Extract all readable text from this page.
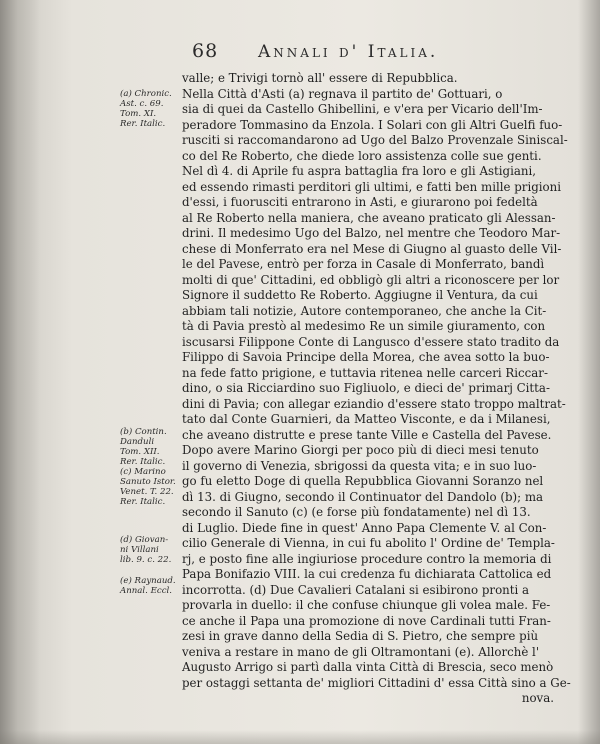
68 Annali d' Italia.
(a) Chronic.
Ast. c. 69.
Tom. XI.
Rer. Italic.
(b) Contin.
Danduli
Tom. XII.
Rer. Italic.
(c) Marino
Sanuto Istor.
Venet. T. 22.
Rer. Italic.
(d) Giovan-
ni Villani
lib. 9. c. 22.
(e) Raynaud.
Annal. Eccl.
valle; e Trivigi tornò all' essere di Repubblica.
Nella Città d'Asti (a) regnava il partito de' Gottuari, o
sia di quei da Castello Ghibellini, e v'era per Vicario dell'Im-
peradore Tommasino da Enzola. I Solari con gli Altri Guelfi fuo-
rusciti si raccomandarono ad Ugo del Balzo Provenzale Siniscal-
co del Re Roberto, che diede loro assistenza colle sue genti.
Nel dì 4. di Aprile fu aspra battaglia fra loro e gli Astigiani,
ed essendo rimasti perditori gli ultimi, e fatti ben mille prigioni
d'essi, i fuorusciti entrarono in Asti, e giurarono poi fedeltà
al Re Roberto nella maniera, che aveano praticato gli Alessan-
drini. Il medesimo Ugo del Balzo, nel mentre che Teodoro Mar-
chese di Monferrato era nel Mese di Giugno al guasto delle Vil-
le del Pavese, entrò per forza in Casale di Monferrato, bandì
molti di que' Cittadini, ed obbligò gli altri a riconoscere per lor
Signore il suddetto Re Roberto. Aggiugne il Ventura, da cui
abbiam tali notizie, Autore contemporaneo, che anche la Cit-
tà di Pavia prestò al medesimo Re un simile giuramento, con
iscusarsi Filippone Conte di Langusco d'essere stato tradito da
Filippo di Savoia Principe della Morea, che avea sotto la buo-
na fede fatto prigione, e tuttavia ritenea nelle carceri Riccar-
dino, o sia Ricciardino suo Figliuolo, e dieci de' primarj Citta-
dini di Pavia; con allegar eziandio d'essere stato troppo maltrat-
tato dal Conte Guarnieri, da Matteo Visconte, e da i Milanesi,
che aveano distrutte e prese tante Ville e Castella del Pavese.
Dopo avere Marino Giorgi per poco più di dieci mesi tenuto
il governo di Venezia, sbrigossi da questa vita; e in suo luo-
go fu eletto Doge di quella Repubblica Giovanni Soranzo nel
dì 13. di Giugno, secondo il Continuator del Dandolo (b); ma
secondo il Sanuto (c) (e forse più fondatamente) nel dì 13.
di Luglio. Diede fine in quest' Anno Papa Clemente V. al Con-
cilio Generale di Vienna, in cui fu abolito l' Ordine de' Templa-
rj, e posto fine alle ingiuriose procedure contro la memoria di
Papa Bonifazio VIII. la cui credenza fu dichiarata Cattolica ed
incorrotta. (d) Due Cavalieri Catalani si esibirono pronti a
provarla in duello: il che confuse chiunque gli volea male. Fe-
ce anche il Papa una promozione di nove Cardinali tutti Fran-
zesi in grave danno della Sedia di S. Pietro, che sempre più
veniva a restare in mano de gli Oltramontani (e). Allorchè l'
Augusto Arrigo si partì dalla vinta Città di Brescia, seco menò
per ostaggi settanta de' migliori Cittadini d' essa Città sino a Ge-
nova.
